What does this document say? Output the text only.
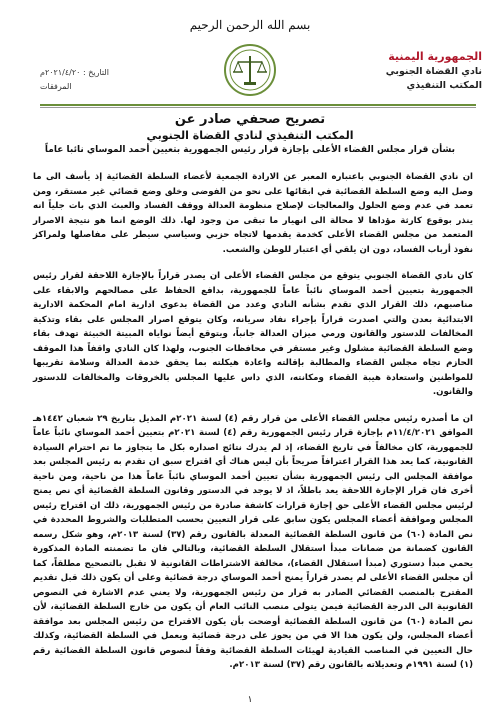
بسم الله الرحمن الرحيم
الجمهورية اليمنية
نادي القضاة الجنوبي
المكتب التنفيذي
التاريخ : ٢٠٢١/٤/٢٠م
المرفقات
تصريح صحفي صادر عن
المكتب التنفيذي لنادي القضاة الجنوبي
بشأن قرار مجلس القضاء الأعلى بإجازة قرار رئيس الجمهورية بتعيين أحمد الموساي نائبا عاماً

ان نادي القضاة الجنوبي باعتباره المعبر عن الارادة الجمعية لأعضاء السلطة القضائية إذ يأسف الى ما وصل اليه وضع السلطة القضائية في ابقائها على نحو من الفوضى وخلق وضع قضائي غير مستقر، ومن تعمد في عدم وضع الحلول والمعالجات لإصلاح منظومة العدالة ووقف الفساد والعبث الذي بات جلياً انه ينذر بوقوع كارثة مؤداها لا محالة الى انهيار ما تبقى من وجود لها. ذلك الوضع انما هو نتيجة الاصرار المتعمد من مجلس القضاء الأعلى كخدمة يقدمها لاتجاه حزبي وسياسي سيطر على مفاصلها ولمراكز نفوذ أرباب الفساد، دون ان يلقي أي اعتبار للوطن والشعب.

كان نادي القضاة الجنوبي يتوقع من مجلس القضاء الأعلى ان يصدر قراراً بالإجازة اللاحقة لقرار رئيس الجمهورية بتعيين أحمد الموساي نائباً عاماً للجمهورية، بدافع الحفاظ على مصالحهم والابقاء على مناصبهم، ذلك القرار الذي تقدم بشأنه النادي وعدد من القضاة بدعوى ادارية امام المحكمة الادارية الابتدائية بعدن والتي اصدرت قراراً بإجراء نفاد سريانه، وكان يتوقع اصرار المجلس على بقاء وتذكية المخالفات للدستور والقانون ورمي ميزان العدالة جانباً، ويتوقع أيضاً نواياه المبيتة الخبيثة تهدف بقاء وضع السلطة القضائية مشلول وغير مستقر في محافظات الجنوب، ولهذا كان النادي واقفاً هذا الموقف الحازم تجاه مجلس القضاء والمطالبة بإقالته واعادة هيكلته بما يحقق خدمة العدالة وسلامة تقريبها للمواطنين واستعادة هيبة القضاء ومكانته، الذي داس عليها المجلس بالخروقات والمخالفات للدستور والقانون.

ان ما أصدره رئيس مجلس القضاء الأعلى من قرار رقم (٤) لسنة ٢٠٢١م المذيل بتاريخ ٢٩ شعبان ١٤٤٢هـ الموافق ١١/٤/٢٠٢١م بإجازة قرار رئيس الجمهورية رقم (٤) لسنة ٢٠٢١م بتعيين أحمد الموساي نائباً عاماً للجمهورية، كان مخالفاً في تاريخ القضاء، إذ لم يدرك نتائج اصداره بكل ما يتجاوز ما تم احترام السيادة القانونية، كما يعد هذا القرار اعترافاً صريحاً بأن ليس هناك أي اقتراح سبق ان تقدم به رئيس المجلس بعد موافقة المجلس الى رئيس الجمهورية بشأن تعيين أحمد الموساي نائباً عاماً هذا من ناحية، ومن ناحية أخرى فان قرار الإجازة اللاحقة يعد باطلاً، اذ لا يوجد في الدستور وقانون السلطة القضائية أي نص يمنح لرئيس مجلس القضاء الأعلى حق إجازة قرارات كاشفة صادرة من رئيس الجمهورية، ذلك ان اقتراح رئيس المجلس وموافقة أعضاء المجلس يكون سابق على قرار التعيين بحسب المتطلبات والشروط المحددة في نص المادة (٦٠) من قانون السلطة القضائية المعدلة بالقانون رقم (٣٧) لسنة ٢٠١٣م، وهو شكل رسمه القانون كضمانة من ضمانات مبدأ استقلال السلطة القضائية، وبالتالي فان ما تضمنته المادة المذكورة يحمي مبدأ دستوري (مبدأ استقلال القضاء)، مخالفة الاشتراطات القانونية لا تقبل بالتصحيح مطلقاً، كما أن مجلس القضاء الأعلى لم يصدر قراراً يمنح أحمد الموساي درجة قضائية وعلى أن يكون ذلك قبل تقديم المقترح بالمنصب القضائي الصادر به قرار من رئيس الجمهورية، ولا يعني عدم الاشارة في النصوص القانونية الى الدرجة القضائية فيمن يتولى منصب النائب العام أن يكون من خارج السلطة القضائية، لأن نص المادة (٦٠) من قانون السلطة القضائية أوضحت بأن يكون الاقتراح من رئيس المجلس بعد موافقة أعضاء المجلس، ولن يكون هذا الا في من يحوز على درجة قضائية ويعمل في السلطة القضائية، وكذلك حال التعيين في المناصب القيادية لهيئات السلطة القضائية وفقاً لنصوص قانون السلطة القضائية رقم (١) لسنة ١٩٩١م وتعديلاته بالقانون رقم (٣٧) لسنة ٢٠١٣م.

١
